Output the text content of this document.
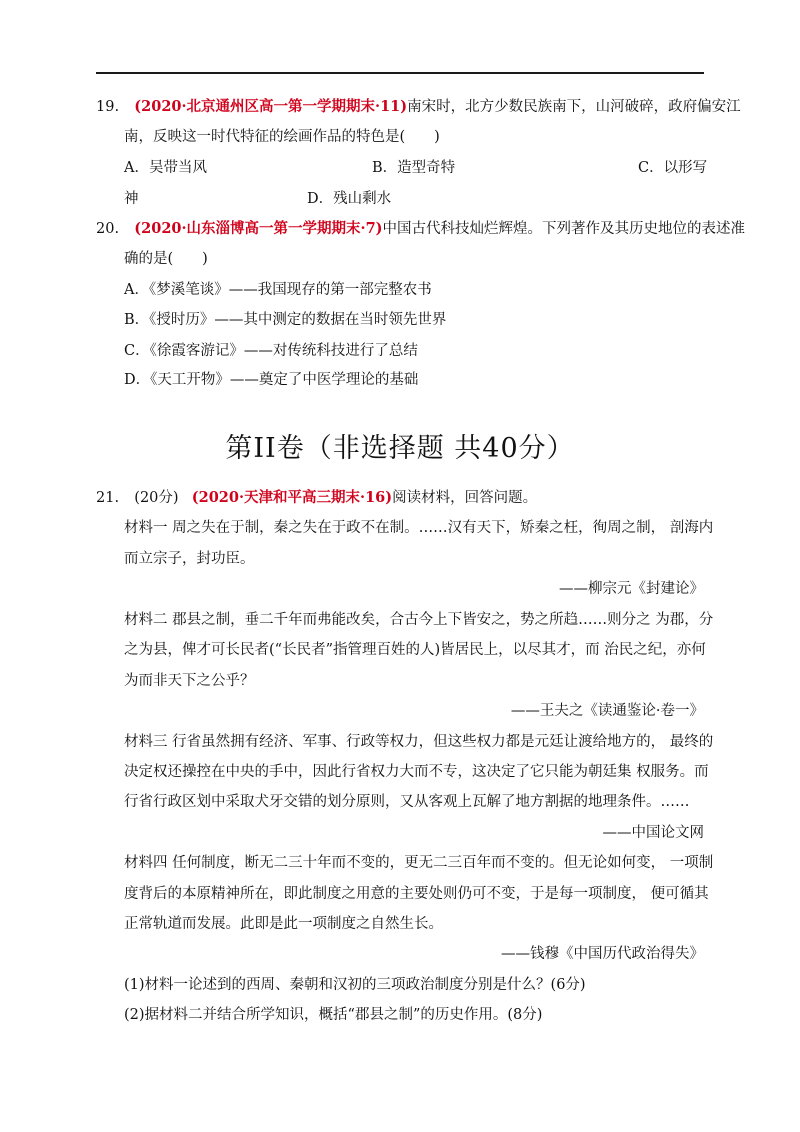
19. (2020·北京通州区高一第一学期期末·11)南宋时，北方少数民族南下，山河破碎，政府偏安江
南，反映这一时代特征的绘画作品的特色是(　　)
A．吴带当风	B．造型奇特	C．以形写
神	D．残山剩水
20. (2020·山东淄博高一第一学期期末·7)中国古代科技灿烂辉煌。下列著作及其历史地位的表述准
确的是(　　)
A．《梦溪笔谈》——我国现存的第一部完整农书
B．《授时历》——其中测定的数据在当时领先世界
C．《徐霞客游记》——对传统科技进行了总结
D．《天工开物》——奠定了中医学理论的基础
第II卷（非选择题 共40分）
21. (20分) (2020·天津和平高三期末·16)阅读材料，回答问题。
材料一 周之失在于制，秦之失在于政不在制。……汉有天下，矫秦之枉，徇周之制， 剖海内
而立宗子，封功臣。
——柳宗元《封建论》
材料二 郡县之制，垂二千年而弗能改矣，合古今上下皆安之，势之所趋……则分之 为郡，分
之为县，俾才可长民者(“长民者”指管理百姓的人)皆居民上，以尽其才，而 治民之纪，亦何
为而非天下之公乎？
——王夫之《读通鉴论·卷一》
材料三 行省虽然拥有经济、军事、行政等权力，但这些权力都是元廷让渡给地方的， 最终的
决定权还操控在中央的手中，因此行省权力大而不专，这决定了它只能为朝廷集 权服务。而
行省行政区划中采取犬牙交错的划分原则，又从客观上瓦解了地方割据的地理条件。……
——中国论文网
材料四 任何制度，断无二三十年而不变的，更无二三百年而不变的。但无论如何变， 一项制
度背后的本原精神所在，即此制度之用意的主要处则仍可不变，于是每一项制度， 便可循其
正常轨道而发展。此即是此一项制度之自然生长。
——钱穆《中国历代政治得失》
(1)材料一论述到的西周、秦朝和汉初的三项政治制度分别是什么？(6分)
(2)据材料二并结合所学知识，概括“郡县之制”的历史作用。(8分)
